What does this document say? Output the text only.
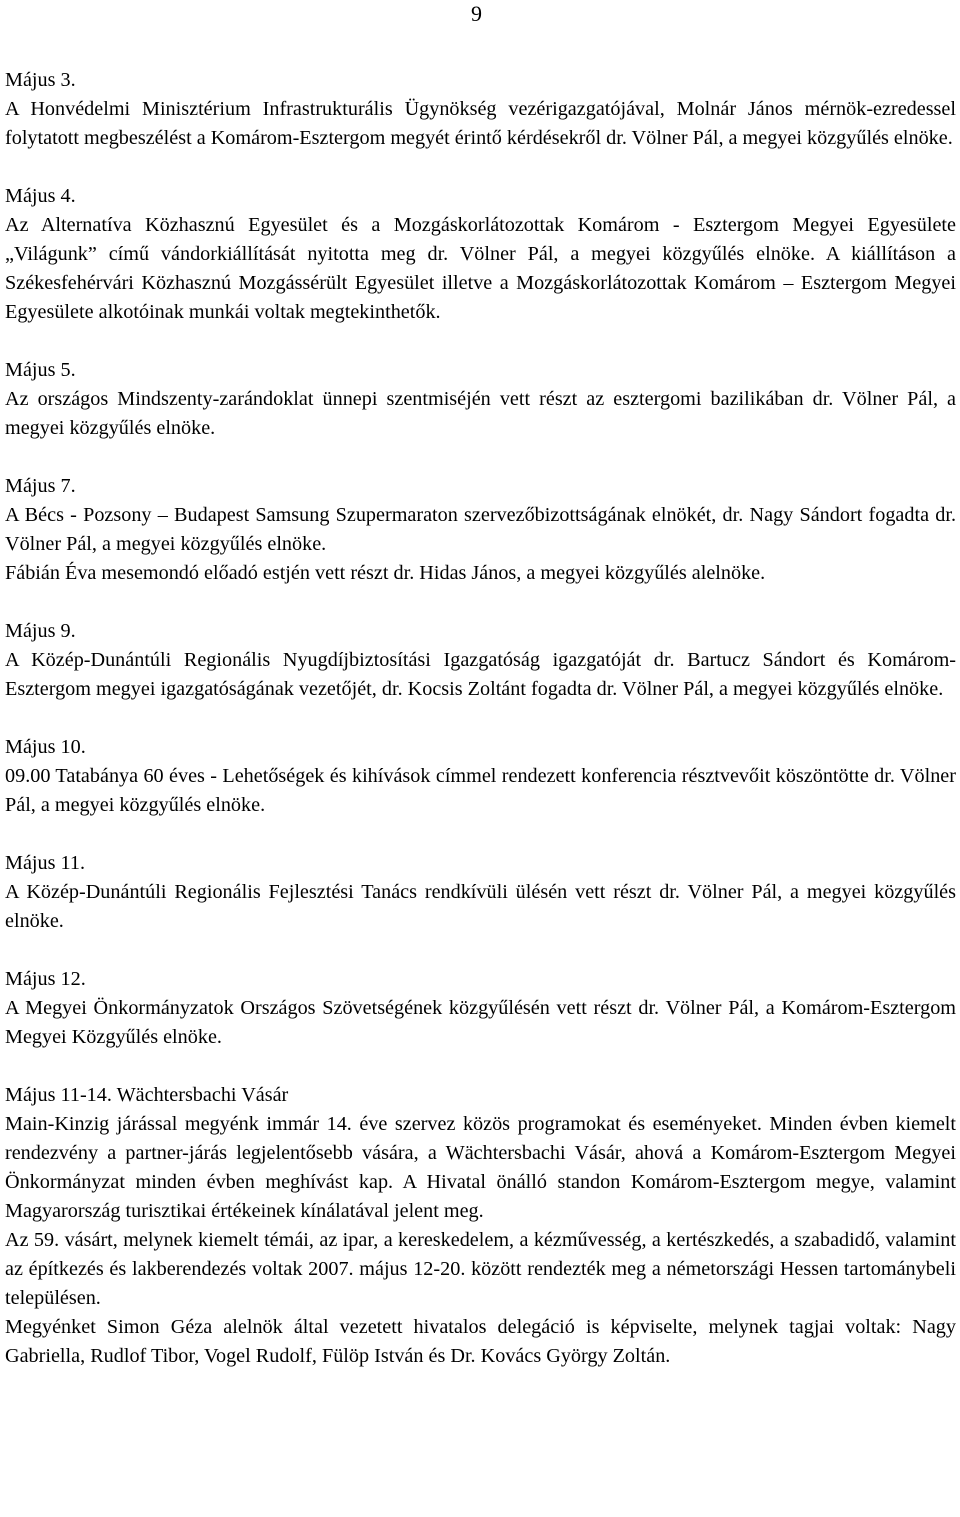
9
Május 3.

A Honvédelmi Minisztérium Infrastrukturális Ügynökség vezérigazgatójával, Molnár János mérnök-ezredessel folytatott megbeszélést a Komárom-Esztergom megyét érintő kérdésekről dr. Völner Pál, a megyei közgyűlés elnöke.

Május 4.

Az Alternatíva Közhasznú Egyesület és a Mozgáskorlátozottak Komárom - Esztergom Megyei Egyesülete „Világunk” című vándorkiállítását nyitotta meg dr. Völner Pál, a megyei közgyűlés elnöke. A kiállításon a Székesfehérvári Közhasznú Mozgássérült Egyesület illetve a Mozgáskorlátozottak Komárom – Esztergom Megyei Egyesülete alkotóinak munkái voltak megtekinthetők.

Május 5.

Az országos Mindszenty-zarándoklat ünnepi szentmiséjén vett részt az esztergomi bazilikában dr. Völner Pál, a megyei közgyűlés elnöke.

Május 7.

A Bécs - Pozsony – Budapest Samsung Szupermaraton szervezőbizottságának elnökét, dr. Nagy Sándort fogadta dr. Völner Pál, a megyei közgyűlés elnöke.

Fábián Éva mesemondó előadó estjén vett részt dr. Hidas János, a megyei közgyűlés alelnöke.

Május 9.

A Közép-Dunántúli Regionális Nyugdíjbiztosítási Igazgatóság igazgatóját dr. Bartucz Sándort és Komárom-Esztergom megyei igazgatóságának vezetőjét, dr. Kocsis Zoltánt fogadta dr. Völner Pál, a megyei közgyűlés elnöke.

Május 10.

09.00 Tatabánya 60 éves - Lehetőségek és kihívások címmel rendezett konferencia résztvevőit köszöntötte dr. Völner Pál, a megyei közgyűlés elnöke.

Május 11.

A Közép-Dunántúli Regionális Fejlesztési Tanács rendkívüli ülésén vett részt dr. Völner Pál, a megyei közgyűlés elnöke.

Május 12.

A Megyei Önkormányzatok Országos Szövetségének közgyűlésén vett részt dr. Völner Pál, a Komárom-Esztergom Megyei Közgyűlés elnöke.

Május 11-14. Wächtersbachi Vásár

Main-Kinzig járással megyénk immár 14. éve szervez közös programokat és eseményeket. Minden évben kiemelt rendezvény a partner-járás legjelentősebb vására, a Wächtersbachi Vásár, ahová a Komárom-Esztergom Megyei Önkormányzat minden évben meghívást kap. A Hivatal önálló standon Komárom-Esztergom megye, valamint Magyarország turisztikai értékeinek kínálatával jelent meg.

Az 59. vásárt, melynek kiemelt témái, az ipar, a kereskedelem, a kézművesség, a kertészkedés, a szabadidő, valamint az építkezés és lakberendezés voltak 2007. május 12-20. között rendezték meg a németországi Hessen tartománybeli településen.

Megyénket Simon Géza alelnök által vezetett hivatalos delegáció is képviselte, melynek tagjai voltak: Nagy Gabriella, Rudlof Tibor, Vogel Rudolf, Fülöp István és Dr. Kovács György Zoltán.
